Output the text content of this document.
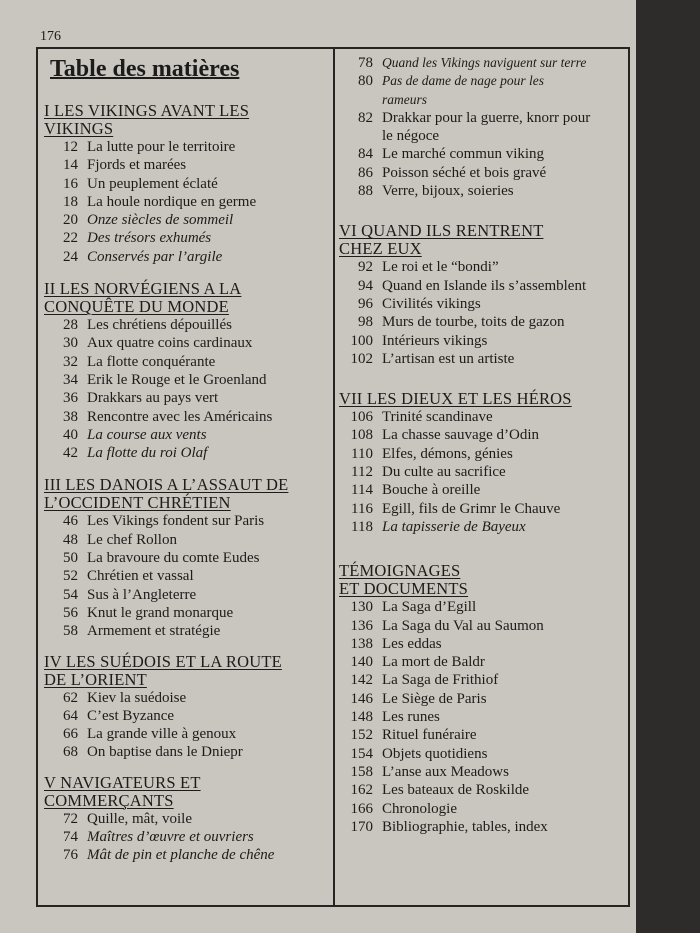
176
Table des matières
I LES VIKINGS AVANT LES
VIKINGS
12 La lutte pour le territoire
14 Fjords et marées
16 Un peuplement éclaté
18 La houle nordique en germe
20 Onze siècles de sommeil
22 Des trésors exhumés
24 Conservés par l’argile
II LES NORVÉGIENS A LA
CONQUÊTE DU MONDE
28 Les chrétiens dépouillés
30 Aux quatre coins cardinaux
32 La flotte conquérante
34 Erik le Rouge et le Groenland
36 Drakkars au pays vert
38 Rencontre avec les Américains
40 La course aux vents
42 La flotte du roi Olaf
III LES DANOIS A L’ASSAUT DE
L’OCCIDENT CHRÉTIEN
46 Les Vikings fondent sur Paris
48 Le chef Rollon
50 La bravoure du comte Eudes
52 Chrétien et vassal
54 Sus à l’Angleterre
56 Knut le grand monarque
58 Armement et stratégie
IV LES SUÉDOIS ET LA ROUTE
DE L’ORIENT
62 Kiev la suédoise
64 C’est Byzance
66 La grande ville à genoux
68 On baptise dans le Dniepr
V NAVIGATEURS ET
COMMERÇANTS
72 Quille, mât, voile
74 Maîtres d’œuvre et ouvriers
76 Mât de pin et planche de chêne
78 Quand les Vikings naviguent sur terre
80 Pas de dame de nage pour les rameurs
82 Drakkar pour la guerre, knorr pour le négoce
84 Le marché commun viking
86 Poisson séché et bois gravé
88 Verre, bijoux, soieries
VI QUAND ILS RENTRENT
CHEZ EUX
92 Le roi et le “bondi”
94 Quand en Islande ils s’assemblent
96 Civilités vikings
98 Murs de tourbe, toits de gazon
100 Intérieurs vikings
102 L’artisan est un artiste
VII LES DIEUX ET LES HÉROS
106 Trinité scandinave
108 La chasse sauvage d’Odin
110 Elfes, démons, génies
112 Du culte au sacrifice
114 Bouche à oreille
116 Egill, fils de Grimr le Chauve
118 La tapisserie de Bayeux
TÉMOIGNAGES
ET DOCUMENTS
130 La Saga d’Egill
136 La Saga du Val au Saumon
138 Les eddas
140 La mort de Baldr
142 La Saga de Frithiof
146 Le Siège de Paris
148 Les runes
152 Rituel funéraire
154 Objets quotidiens
158 L’anse aux Meadows
162 Les bateaux de Roskilde
166 Chronologie
170 Bibliographie, tables, index
